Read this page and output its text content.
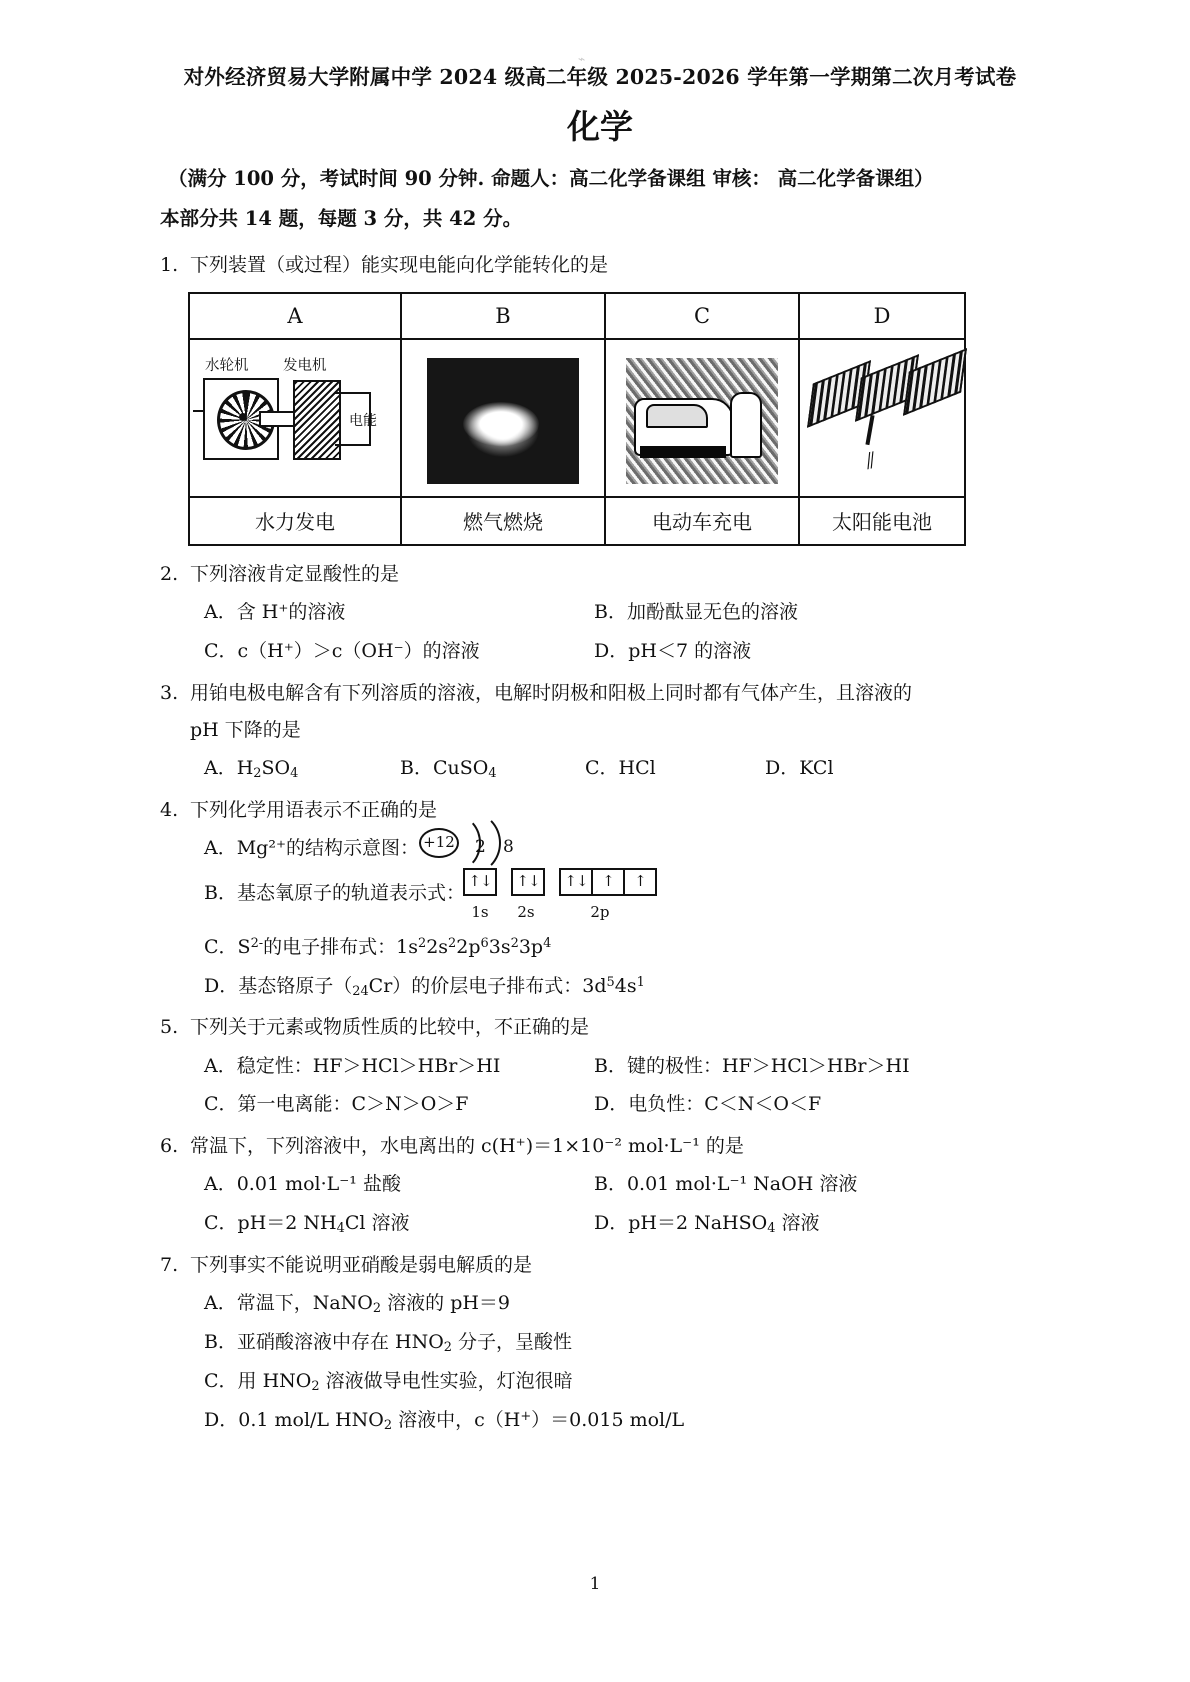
⌁
对外经济贸易大学附属中学 2024 级高二年级 2025-2026 学年第一学期第二次月考试卷
化学
（满分 100 分，考试时间 90 分钟. 命题人：高二化学备课组 审核： 高二化学备课组）
本部分共 14 题，每题 3 分，共 42 分。
1. 下列装置（或过程）能实现电能向化学能转化的是
A	B	C	D

水轮机 发电机
电能			⫽

水力发电	燃气燃烧	电动车充电	太阳能电池
2. 下列溶液肯定显酸性的是
A．含 H⁺的溶液	B．加酚酞显无色的溶液
C．c（H⁺）＞c（OH⁻）的溶液	D．pH＜7 的溶液
3. 用铂电极电解含有下列溶质的溶液，电解时阴极和阳极上同时都有气体产生，且溶液的
pH 下降的是
A．$H_2SO_4$	B．CuSO$_4$	C．HCl	D．KCl
4. 下列化学用语表示不正确的是
A．Mg²⁺的结构示意图： +12 2 8
B．基态氧原子的轨道表示式：
↑↓	↑↓	↑↓ ↑	↑
1s	2s	2p
C．$S^{2-}$的电子排布式：$1s^22s^22p^63s^23p^4$
D．基态铬原子$(_{24}Cr)$的价层电子排布式：$3d^54s^1$
5. 下列关于元素或物质性质的比较中，不正确的是
A．稳定性：HF＞HCl＞HBr＞HI	B．键的极性：HF＞HCl＞HBr＞HI
C．第一电离能：C＞N＞O＞F	D．电负性：C＜N＜O＜F
6. 常温下，下列溶液中，水电离出的 c(H⁺)＝1×10⁻² mol·L⁻¹ 的是
A．0.01 mol·L⁻¹ 盐酸	B．0.01 mol·L⁻¹ NaOH 溶液
C．pH＝2 $NH_4Cl$ 溶液	D．pH＝2 NaHSO$_4$ 溶液
7. 下列事实不能说明亚硝酸是弱电解质的是
A．常温下，NaNO$_2$ 溶液的 pH＝9
B．亚硝酸溶液中存在 $HNO_2$ 分子，呈酸性
C．用 $HNO_2$ 溶液做导电性实验，灯泡很暗
D．0.1 mol/L $HNO_2$ 溶液中，c（H+）＝0.015 mol/L
1
